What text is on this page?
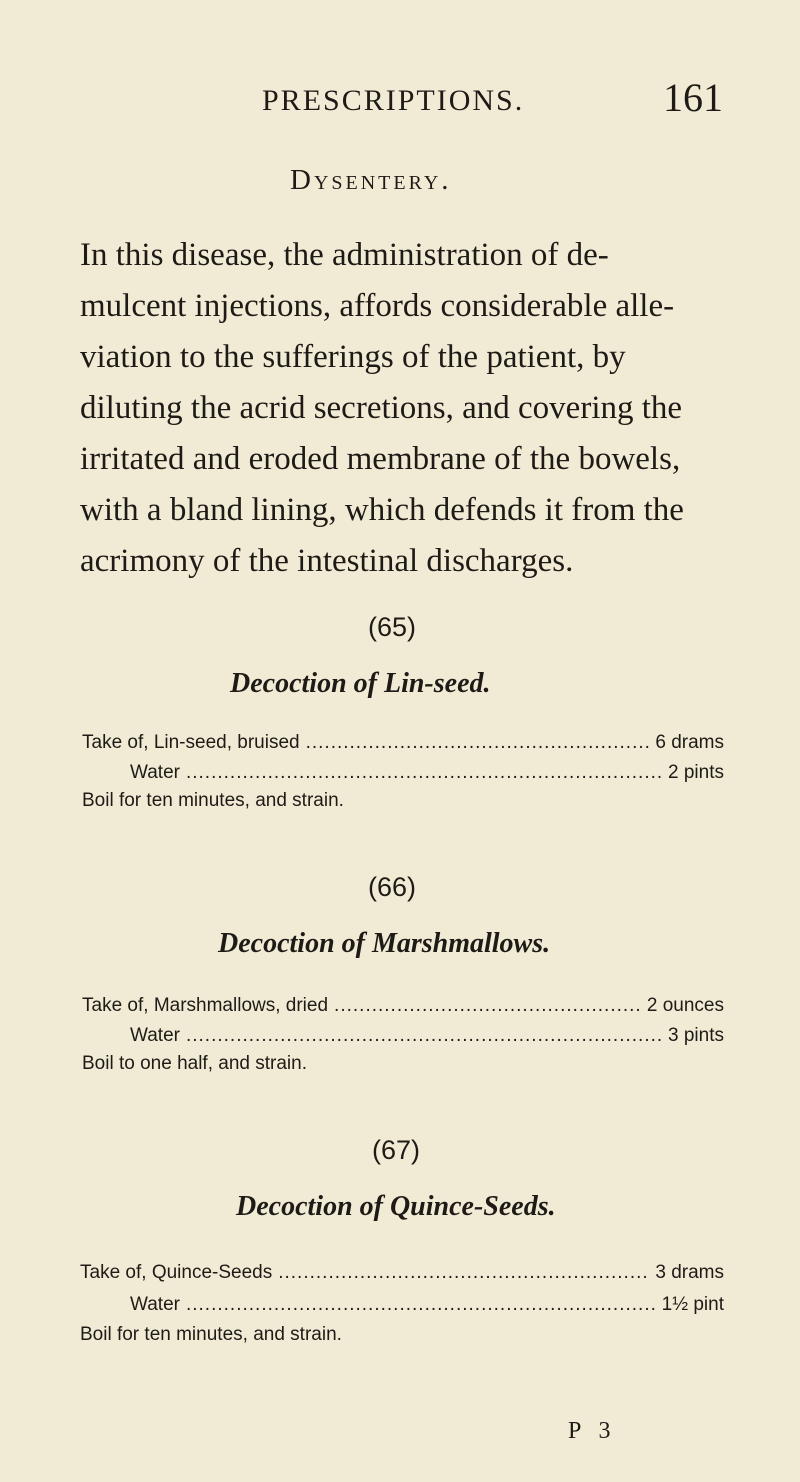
PRESCRIPTIONS.	161
Dysentery.
In this disease, the administration of de-
mulcent injections, affords considerable alle-
viation to the sufferings of the patient, by
diluting the acrid secretions, and covering the
irritated and eroded membrane of the bowels,
with a bland lining, which defends it from the
acrimony of the intestinal discharges.
(65)
Decoction of Lin-seed.
Take of, Lin-seed, bruised .....	6 drams
Water .....	2 pints
Boil for ten minutes, and strain.
(66)
Decoction of Marshmallows.
Take of, Marshmallows, dried .....	2 ounces
Water .....	3 pints
Boil to one half, and strain.
(67)
Decoction of Quince-Seeds.
Take of, Quince-Seeds .....	3 drams
Water .....	1½ pint
Boil for ten minutes, and strain.
P 3
